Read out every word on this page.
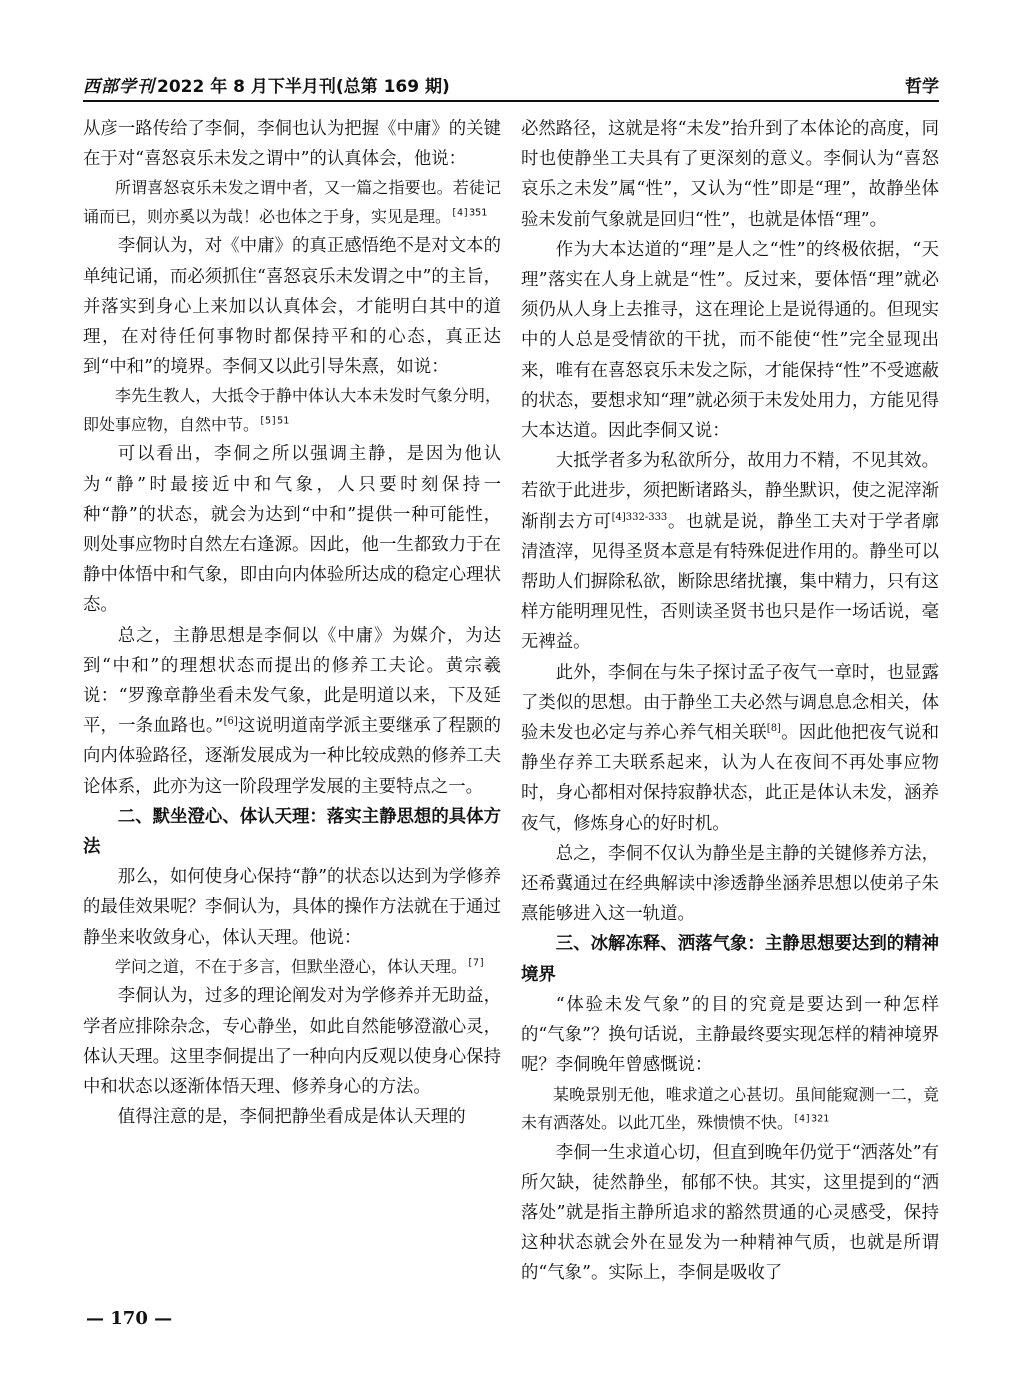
西部学刊 2022 年 8 月下半月刊(总第 169 期)	哲学

从彦一路传给了李侗，李侗也认为把握《中庸》的关键在于对“喜怒哀乐未发之谓中”的认真体会，他说：

所谓喜怒哀乐未发之谓中者，又一篇之指要也。若徒记诵而已，则亦奚以为哉！必也体之于身，实见是理。$^{[4]351}$

李侗认为，对《中庸》的真正感悟绝不是对文本的单纯记诵，而必须抓住“喜怒哀乐未发谓之中”的主旨，并落实到身心上来加以认真体会，才能明白其中的道理，在对待任何事物时都保持平和的心态，真正达到“中和”的境界。李侗又以此引导朱熹，如说：

李先生教人，大抵令于静中体认大本未发时气象分明，即处事应物，自然中节。$^{[5]51}$

可以看出，李侗之所以强调主静，是因为他认为“静”时最接近中和气象，人只要时刻保持一种“静”的状态，就会为达到“中和”提供一种可能性，则处事应物时自然左右逢源。因此，他一生都致力于在静中体悟中和气象，即由向内体验所达成的稳定心理状态。

总之，主静思想是李侗以《中庸》为媒介，为达到“中和”的理想状态而提出的修养工夫论。黄宗羲说：“罗豫章静坐看未发气象，此是明道以来，下及延平，一条血路也。”[6]这说明道南学派主要继承了程颢的向内体验路径，逐渐发展成为一种比较成熟的修养工夫论体系，此亦为这一阶段理学发展的主要特点之一。

二、默坐澄心、体认天理：落实主静思想的具体方法

那么，如何使身心保持“静”的状态以达到为学修养的最佳效果呢？李侗认为，具体的操作方法就在于通过静坐来收敛身心，体认天理。他说：

学问之道，不在于多言，但默坐澄心，体认天理。[7]

李侗认为，过多的理论阐发对为学修养并无助益，学者应排除杂念，专心静坐，如此自然能够澄澈心灵，体认天理。这里李侗提出了一种向内反观以使身心保持中和状态以逐渐体悟天理、修养身心的方法。

值得注意的是，李侗把静坐看成是体认天理的

必然路径，这就是将“未发”抬升到了本体论的高度，同时也使静坐工夫具有了更深刻的意义。李侗认为“喜怒哀乐之未发”属“性”，又认为“性”即是“理”，故静坐体验未发前气象就是回归“性”，也就是体悟“理”。

作为大本达道的“理”是人之“性”的终极依据，“天理”落实在人身上就是“性”。反过来，要体悟“理”就必须仍从人身上去推寻，这在理论上是说得通的。但现实中的人总是受情欲的干扰，而不能使“性”完全显现出来，唯有在喜怒哀乐未发之际，才能保持“性”不受遮蔽的状态，要想求知“理”就必须于未发处用力，方能见得大本达道。因此李侗又说：

大抵学者多为私欲所分，故用力不精，不见其效。若欲于此进步，须把断诸路头，静坐默识，使之泥滓渐渐削去方可$^{[4]332-333}$。也就是说，静坐工夫对于学者廓清渣滓，见得圣贤本意是有特殊促进作用的。静坐可以帮助人们摒除私欲，断除思绪扰攘，集中精力，只有这样方能明理见性，否则读圣贤书也只是作一场话说，毫无裨益。

此外，李侗在与朱子探讨孟子夜气一章时，也显露了类似的思想。由于静坐工夫必然与调息息念相关，体验未发也必定与养心养气相关联[8]。因此他把夜气说和静坐存养工夫联系起来，认为人在夜间不再处事应物时，身心都相对保持寂静状态，此正是体认未发，涵养夜气，修炼身心的好时机。

总之，李侗不仅认为静坐是主静的关键修养方法，还希冀通过在经典解读中渗透静坐涵养思想以使弟子朱熹能够进入这一轨道。

三、冰解冻释、洒落气象：主静思想要达到的精神境界

“体验未发气象”的目的究竟是要达到一种怎样的“气象”？换句话说，主静最终要实现怎样的精神境界呢？李侗晚年曾感慨说：

某晚景别无他，唯求道之心甚切。虽间能窥测一二，竟未有洒落处。以此兀坐，殊愦愦不快。$^{[4]321}$

李侗一生求道心切，但直到晚年仍觉于“洒落处”有所欠缺，徒然静坐，郁郁不快。其实，这里提到的“洒落处”就是指主静所追求的豁然贯通的心灵感受，保持这种状态就会外在显发为一种精神气质，也就是所谓的“气象”。实际上，李侗是吸收了

— 170 —
